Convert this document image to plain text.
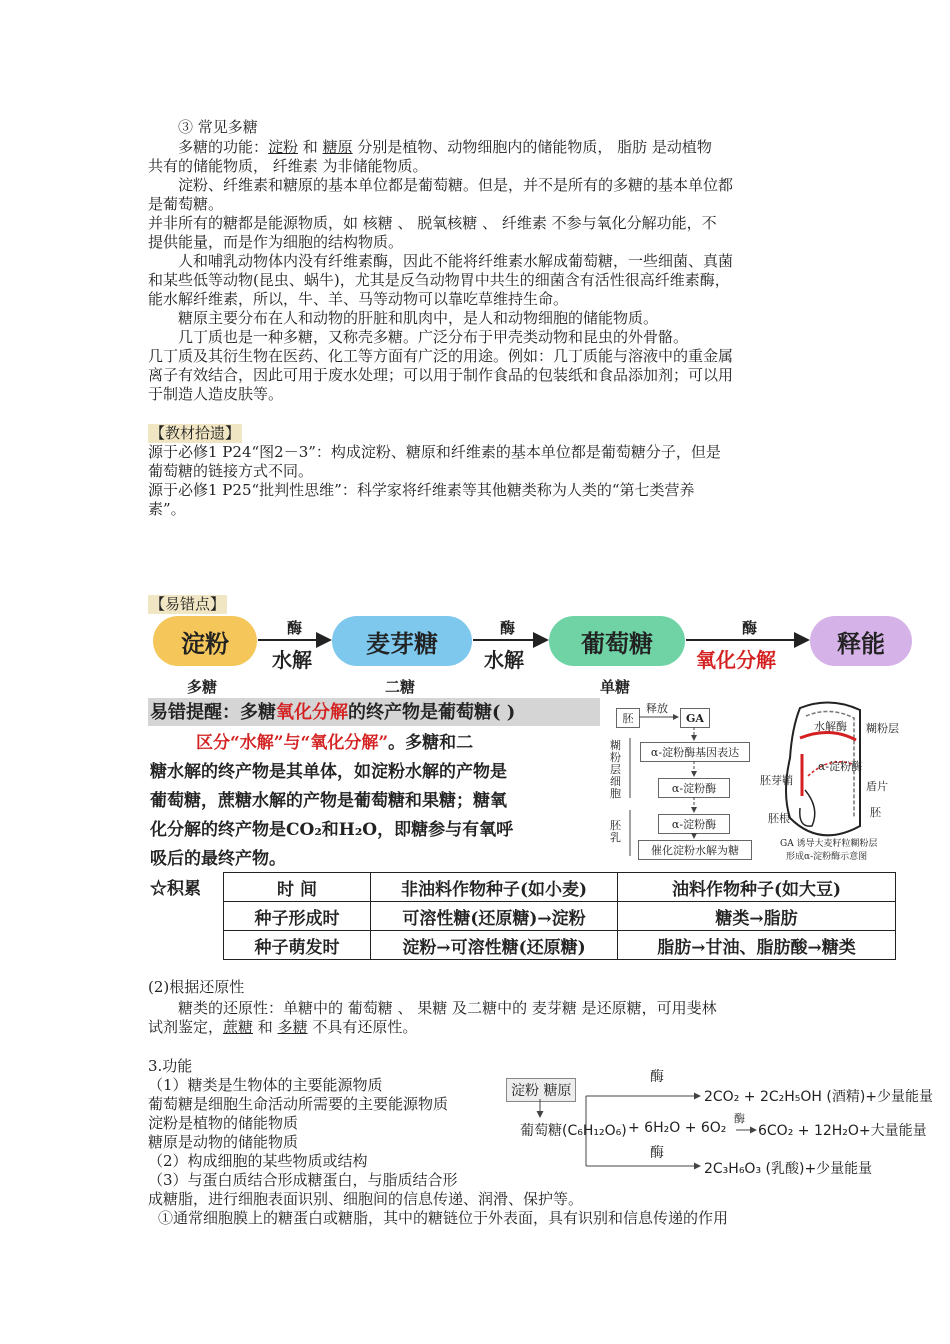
③ 常见多糖
多糖的功能：淀粉 和 糖原 分别是植物、动物细胞内的储能物质， 脂肪 是动植物
共有的储能物质， 纤维素 为非储能物质。
淀粉、纤维素和糖原的基本单位都是葡萄糖。但是，并不是所有的多糖的基本单位都
是葡萄糖。
并非所有的糖都是能源物质，如 核糖 、 脱氧核糖 、 纤维素 不参与氧化分解功能，不
提供能量，而是作为细胞的结构物质。
人和哺乳动物体内没有纤维素酶，因此不能将纤维素水解成葡萄糖，一些细菌、真菌
和某些低等动物(昆虫、蜗牛)，尤其是反刍动物胃中共生的细菌含有活性很高纤维素酶，
能水解纤维素，所以，牛、羊、马等动物可以靠吃草维持生命。
糖原主要分布在人和动物的肝脏和肌肉中，是人和动物细胞的储能物质。
几丁质也是一种多糖，又称壳多糖。广泛分布于甲壳类动物和昆虫的外骨骼。
几丁质及其衍生物在医药、化工等方面有广泛的用途。例如：几丁质能与溶液中的重金属
离子有效结合，因此可用于废水处理；可以用于制作食品的包装纸和食品添加剂；可以用
于制造人造皮肤等。
【教材拾遗】
源于必修1 P24“图2－3”：构成淀粉、糖原和纤维素的基本单位都是葡萄糖分子，但是
葡萄糖的链接方式不同。
源于必修1 P25“批判性思维”：科学家将纤维素等其他糖类称为人类的“第七类营养
素”。
【易错点】
淀粉	麦芽糖	葡萄糖	释能
酶	酶	酶
水解	水解	氧化分解
多糖	二糖	单糖
易错提醒：多糖氧化分解的终产物是葡萄糖( )
区分“水解”与“氧化分解”。多糖和二
糖水解的终产物是其单体，如淀粉水解的产物是
葡萄糖，蔗糖水解的产物是葡萄糖和果糖；糖氧
化分解的终产物是CO₂和H₂O，即糖参与有氧呼
吸后的最终产物。
胚
释放
GA
糊粉层细胞
α-淀粉酶基因表达
α-淀粉酶
α-淀粉酶
胚乳
催化淀粉水解为糖
水解酶 糊粉层
α-淀粉酶
胚芽鞘	盾片
胚
胚根
GA 诱导大麦籽粒糊粉层
形成α-淀粉酶示意图
☆积累	时 间	非油料作物种子(如小麦)	油料作物种子(如大豆)
种子形成时	可溶性糖(还原糖)→淀粉	糖类→脂肪
种子萌发时	淀粉→可溶性糖(还原糖)	脂肪→甘油、脂肪酸→糖类
(2)根据还原性
糖类的还原性：单糖中的 葡萄糖 、 果糖 及二糖中的 麦芽糖 是还原糖，可用斐林
试剂鉴定，蔗糖 和 多糖 不具有还原性。
3.功能
（1）糖类是生物体的主要能源物质
葡萄糖是细胞生命活动所需要的主要能源物质
淀粉是植物的储能物质
糖原是动物的储能物质
（2）构成细胞的某些物质或结构
（3）与蛋白质结合形成糖蛋白，与脂质结合形
成糖脂，进行细胞表面识别、细胞间的信息传递、润滑、保护等。
①通常细胞膜上的糖蛋白或糖脂，其中的糖链位于外表面，具有识别和信息传递的作用
淀粉 糖原
葡萄糖(C₆H₁₂O₆)
酶
2CO₂ + 2C₂H₅OH (酒精)+少量能量
+ 6H₂O + 6O₂
酶
6CO₂ + 12H₂O+大量能量
酶
2C₃H₆O₃ (乳酸)+少量能量
